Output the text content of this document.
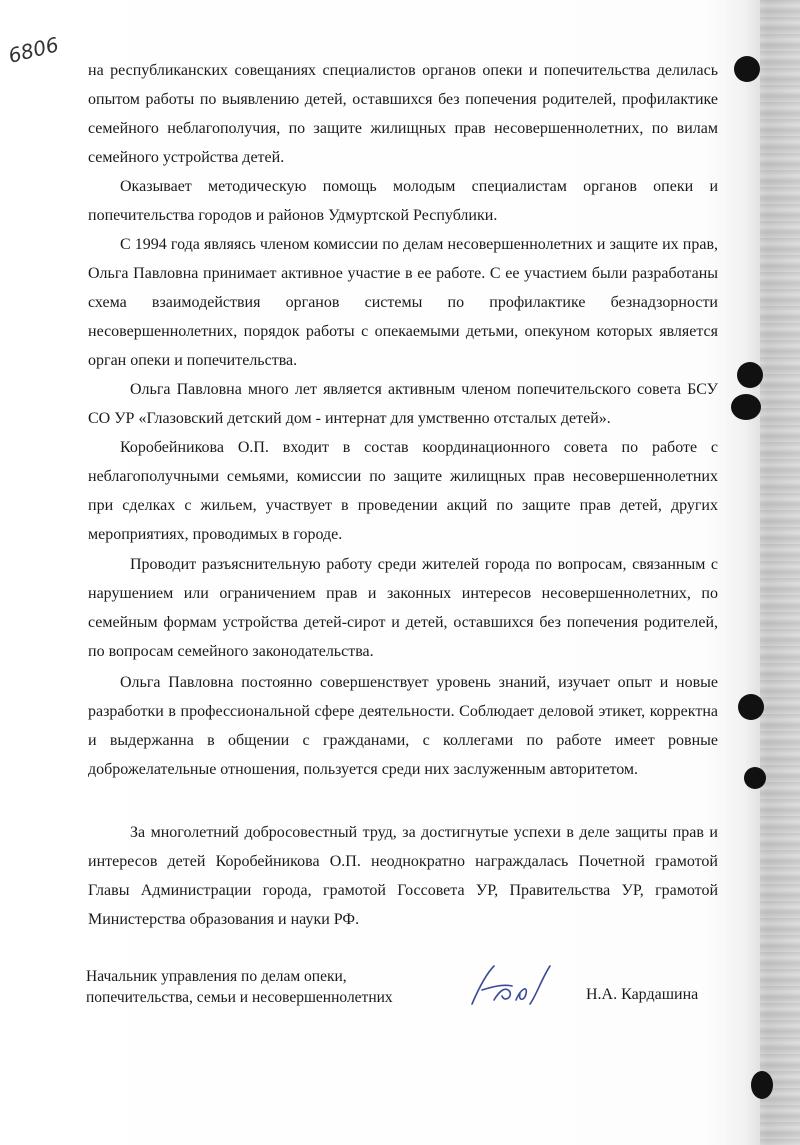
6806

на республиканских совещаниях специалистов органов опеки и попечительства делилась опытом работы по выявлению детей, оставшихся без попечения родителей, профилактике семейного неблагополучия, по защите жилищных прав несовершеннолетних, по вилам семейного устройства детей.

Оказывает методическую помощь молодым специалистам органов опеки и попечительства городов и районов Удмуртской Республики.

С 1994 года являясь членом комиссии по делам несовершеннолетних и защите их прав, Ольга Павловна принимает активное участие в ее работе. С ее участием были разработаны схема взаимодействия органов системы по профилактике безнадзорности несовершеннолетних, порядок работы с опекаемыми детьми, опекуном которых является орган опеки и попечительства.

Ольга Павловна много лет является активным членом попечительского совета БСУ СО УР «Глазовский детский дом - интернат для умственно отсталых детей».

Коробейникова О.П. входит в состав координационного совета по работе с неблагополучными семьями, комиссии по защите жилищных прав несовершеннолетних при сделках с жильем, участвует в проведении акций по защите прав детей, других мероприятиях, проводимых в городе.

Проводит разъяснительную работу среди жителей города по вопросам, связанным с нарушением или ограничением прав и законных интересов несовершеннолетних, по семейным формам устройства детей-сирот и детей, оставшихся без попечения родителей, по вопросам семейного законодательства.

Ольга Павловна постоянно совершенствует уровень знаний, изучает опыт и новые разработки в профессиональной сфере деятельности. Соблюдает деловой этикет, корректна и выдержанна в общении с гражданами, с коллегами по работе имеет ровные доброжелательные отношения, пользуется среди них заслуженным авторитетом.

За многолетний добросовестный труд, за достигнутые успехи в деле защиты прав и интересов детей Коробейникова О.П. неоднократно награждалась Почетной грамотой Главы Администрации города, грамотой Госсовета УР, Правительства УР, грамотой Министерства образования и науки РФ.

Начальник управления по делам опеки,
попечительства, семьи и несовершеннолетних	Н.А. Кардашина
